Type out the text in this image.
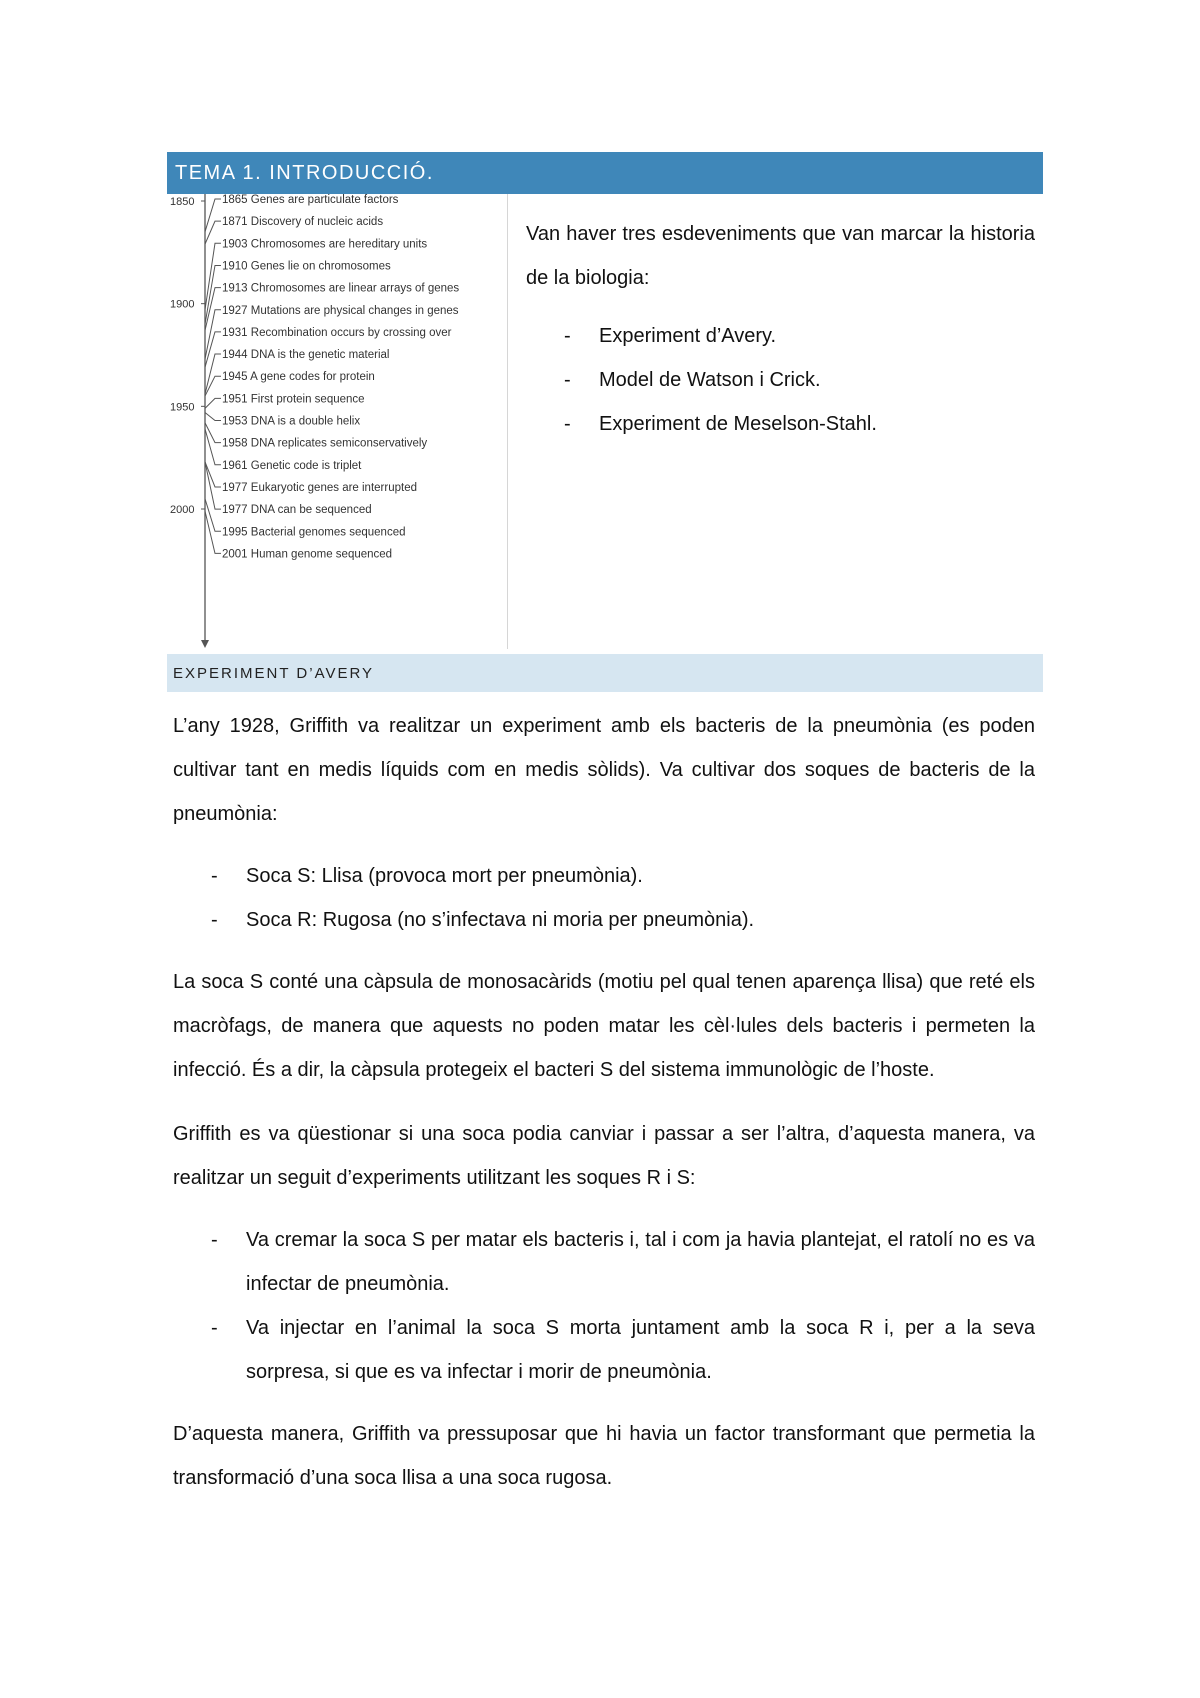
TEMA 1. INTRODUCCIÓ.
1850
1900
1950
2000
1865 Genes are particulate factors
1871 Discovery of nucleic acids
1903 Chromosomes are hereditary units
1910 Genes lie on chromosomes
1913 Chromosomes are linear arrays of genes
1927 Mutations are physical changes in genes
1931 Recombination occurs by crossing over
1944 DNA is the genetic material
1945 A gene codes for protein
1951 First protein sequence
1953 DNA is a double helix
1958 DNA replicates semiconservatively
1961 Genetic code is triplet
1977 Eukaryotic genes are interrupted
1977 DNA can be sequenced
1995 Bacterial genomes sequenced
2001 Human genome sequenced

Van haver tres esdeveniments que van marcar la historia de la biologia:

- Experiment d’Avery.
- Model de Watson i Crick.
- Experiment de Meselson-Stahl.
EXPERIMENT D’AVERY

L’any 1928, Griffith va realitzar un experiment amb els bacteris de la pneumònia (es poden cultivar tant en medis líquids com en medis sòlids). Va cultivar dos soques de bacteris de la pneumònia:

- Soca S: Llisa (provoca mort per pneumònia).
- Soca R: Rugosa (no s’infectava ni moria per pneumònia).

La soca S conté una càpsula de monosacàrids (motiu pel qual tenen aparença llisa) que reté els macròfags, de manera que aquests no poden matar les cèl·lules dels bacteris i permeten la infecció. És a dir, la càpsula protegeix el bacteri S del sistema immunològic de l’hoste.

Griffith es va qüestionar si una soca podia canviar i passar a ser l’altra, d’aquesta manera, va realitzar un seguit d’experiments utilitzant les soques R i S:

- Va cremar la soca S per matar els bacteris i, tal i com ja havia plantejat, el ratolí no es va infectar de pneumònia.
- Va injectar en l’animal la soca S morta juntament amb la soca R i, per a la seva sorpresa, si que es va infectar i morir de pneumònia.

D’aquesta manera, Griffith va pressuposar que hi havia un factor transformant que permetia la transformació d’una soca llisa a una soca rugosa.
